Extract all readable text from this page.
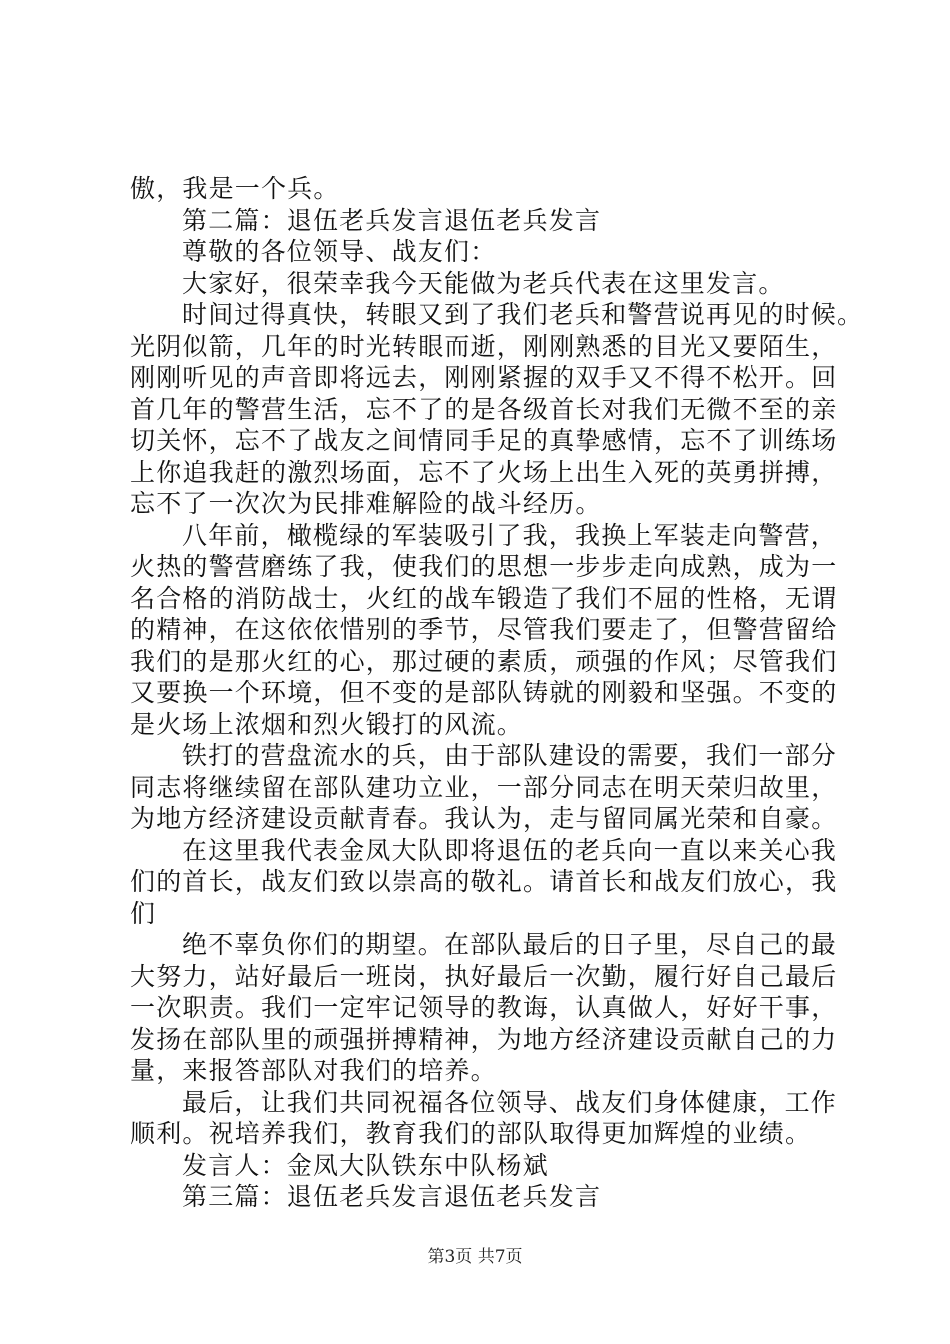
傲，我是一个兵。
第二篇：退伍老兵发言退伍老兵发言
尊敬的各位领导、战友们：
大家好，很荣幸我今天能做为老兵代表在这里发言。
时间过得真快，转眼又到了我们老兵和警营说再见的时候。
光阴似箭，几年的时光转眼而逝，刚刚熟悉的目光又要陌生，
刚刚听见的声音即将远去，刚刚紧握的双手又不得不松开。回
首几年的警营生活，忘不了的是各级首长对我们无微不至的亲
切关怀，忘不了战友之间情同手足的真挚感情，忘不了训练场
上你追我赶的激烈场面，忘不了火场上出生入死的英勇拼搏，
忘不了一次次为民排难解险的战斗经历。
八年前，橄榄绿的军装吸引了我，我换上军装走向警营，
火热的警营磨练了我，使我们的思想一步步走向成熟，成为一
名合格的消防战士，火红的战车锻造了我们不屈的性格，无谓
的精神，在这依依惜别的季节，尽管我们要走了，但警营留给
我们的是那火红的心，那过硬的素质，顽强的作风；尽管我们
又要换一个环境，但不变的是部队铸就的刚毅和坚强。不变的
是火场上浓烟和烈火锻打的风流。
铁打的营盘流水的兵，由于部队建设的需要，我们一部分
同志将继续留在部队建功立业，一部分同志在明天荣归故里，
为地方经济建设贡献青春。我认为，走与留同属光荣和自豪。
在这里我代表金凤大队即将退伍的老兵向一直以来关心我
们的首长，战友们致以崇高的敬礼。请首长和战友们放心，我
们
绝不辜负你们的期望。在部队最后的日子里，尽自己的最
大努力，站好最后一班岗，执好最后一次勤，履行好自己最后
一次职责。我们一定牢记领导的教诲，认真做人，好好干事，
发扬在部队里的顽强拼搏精神，为地方经济建设贡献自己的力
量，来报答部队对我们的培养。
最后，让我们共同祝福各位领导、战友们身体健康，工作
顺利。祝培养我们，教育我们的部队取得更加辉煌的业绩。
发言人：金凤大队铁东中队杨斌
第三篇：退伍老兵发言退伍老兵发言
第3页 共7页
